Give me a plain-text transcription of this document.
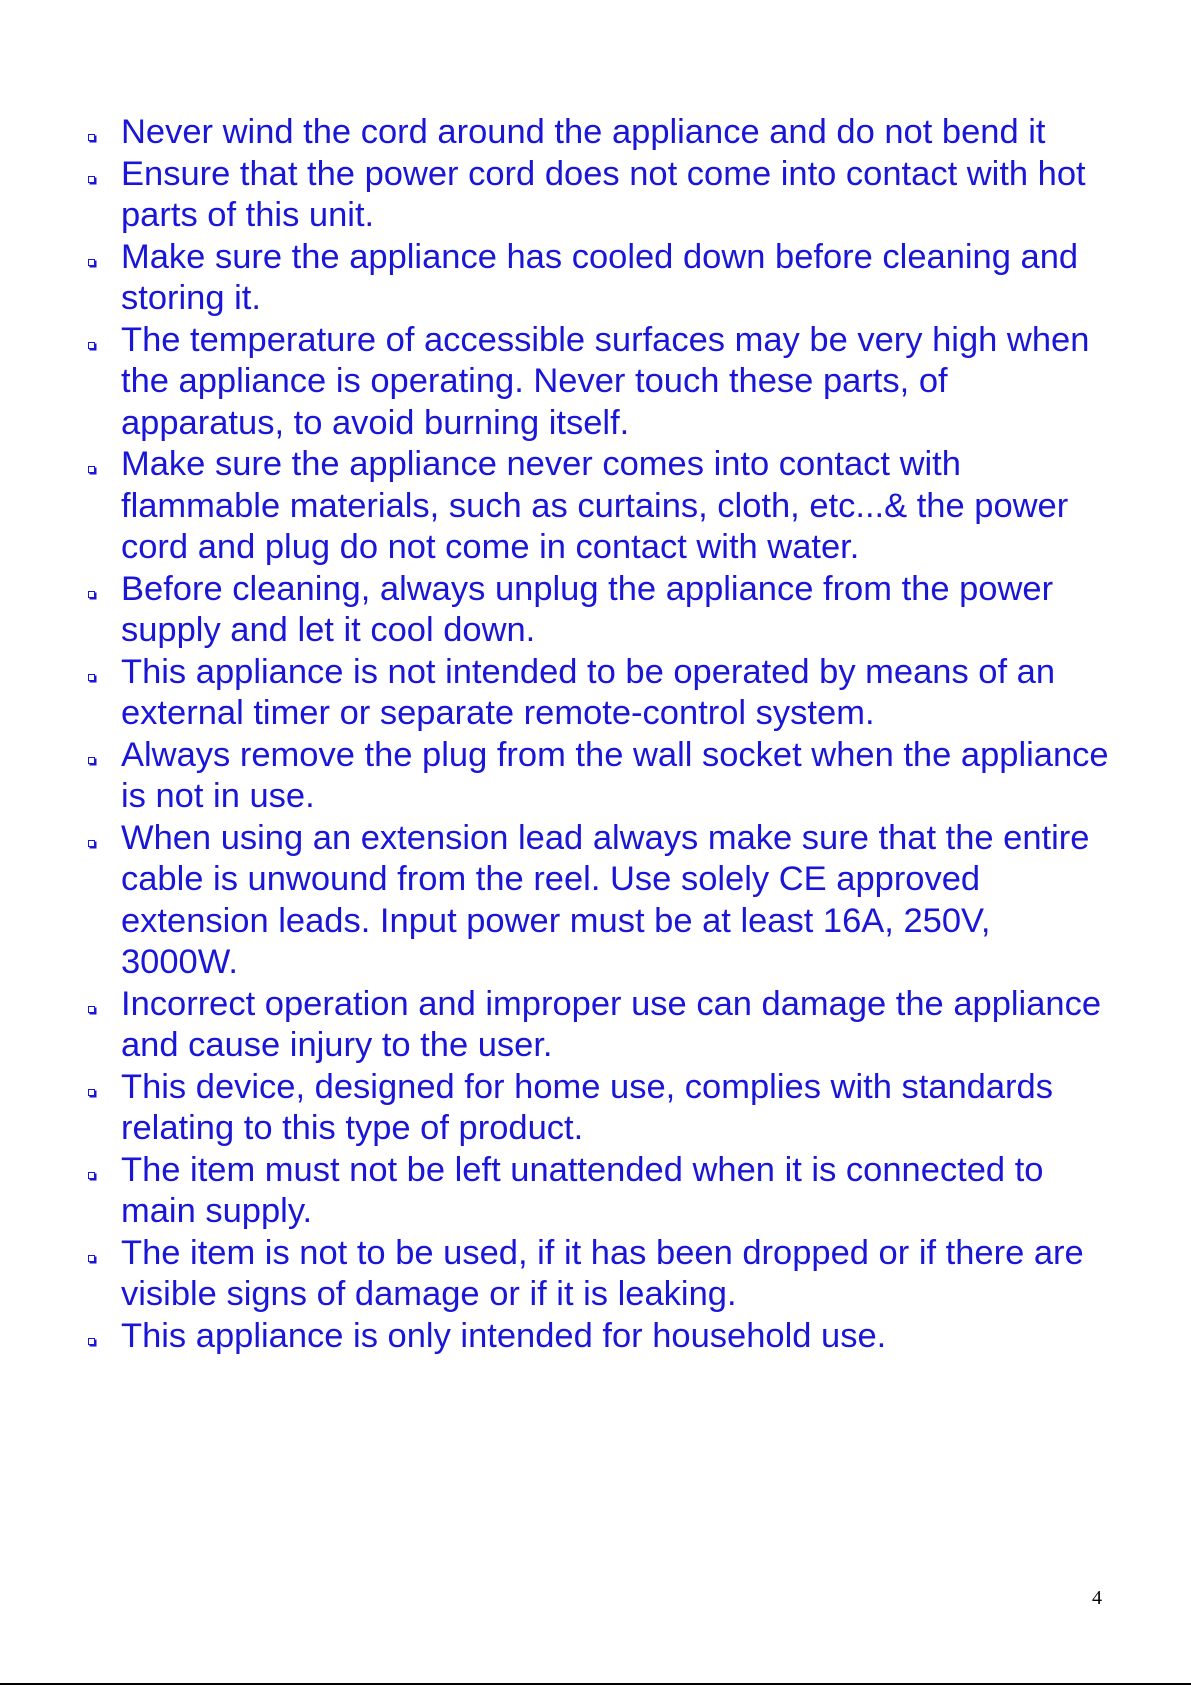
Never wind the cord around the appliance and do not bend it
Ensure that the power cord does not come into contact with hot parts of this unit.
Make sure the appliance has cooled down before cleaning and storing it.
The temperature of accessible surfaces may be very high when the appliance is operating. Never touch these parts, of apparatus, to avoid burning itself.
Make sure the appliance never comes into contact with flammable materials, such as curtains, cloth, etc...& the power cord and plug do not come in contact with water.
Before cleaning, always unplug the appliance from the power supply and let it cool down.
This appliance is not intended to be operated by means of an external timer or separate remote-control system.
Always remove the plug from the wall socket when the appliance is not in use.
When using an extension lead always make sure that the entire cable is unwound from the reel. Use solely CE approved extension leads. Input power must be at least 16A, 250V, 3000W.
Incorrect operation and improper use can damage the appliance and cause injury to the user.
This device, designed for home use, complies with standards relating to this type of product.
The item must not be left unattended when it is connected to main supply.
The item is not to be used, if it has been dropped or if there are visible signs of damage or if it is leaking.
This appliance is only intended for household use.
4
